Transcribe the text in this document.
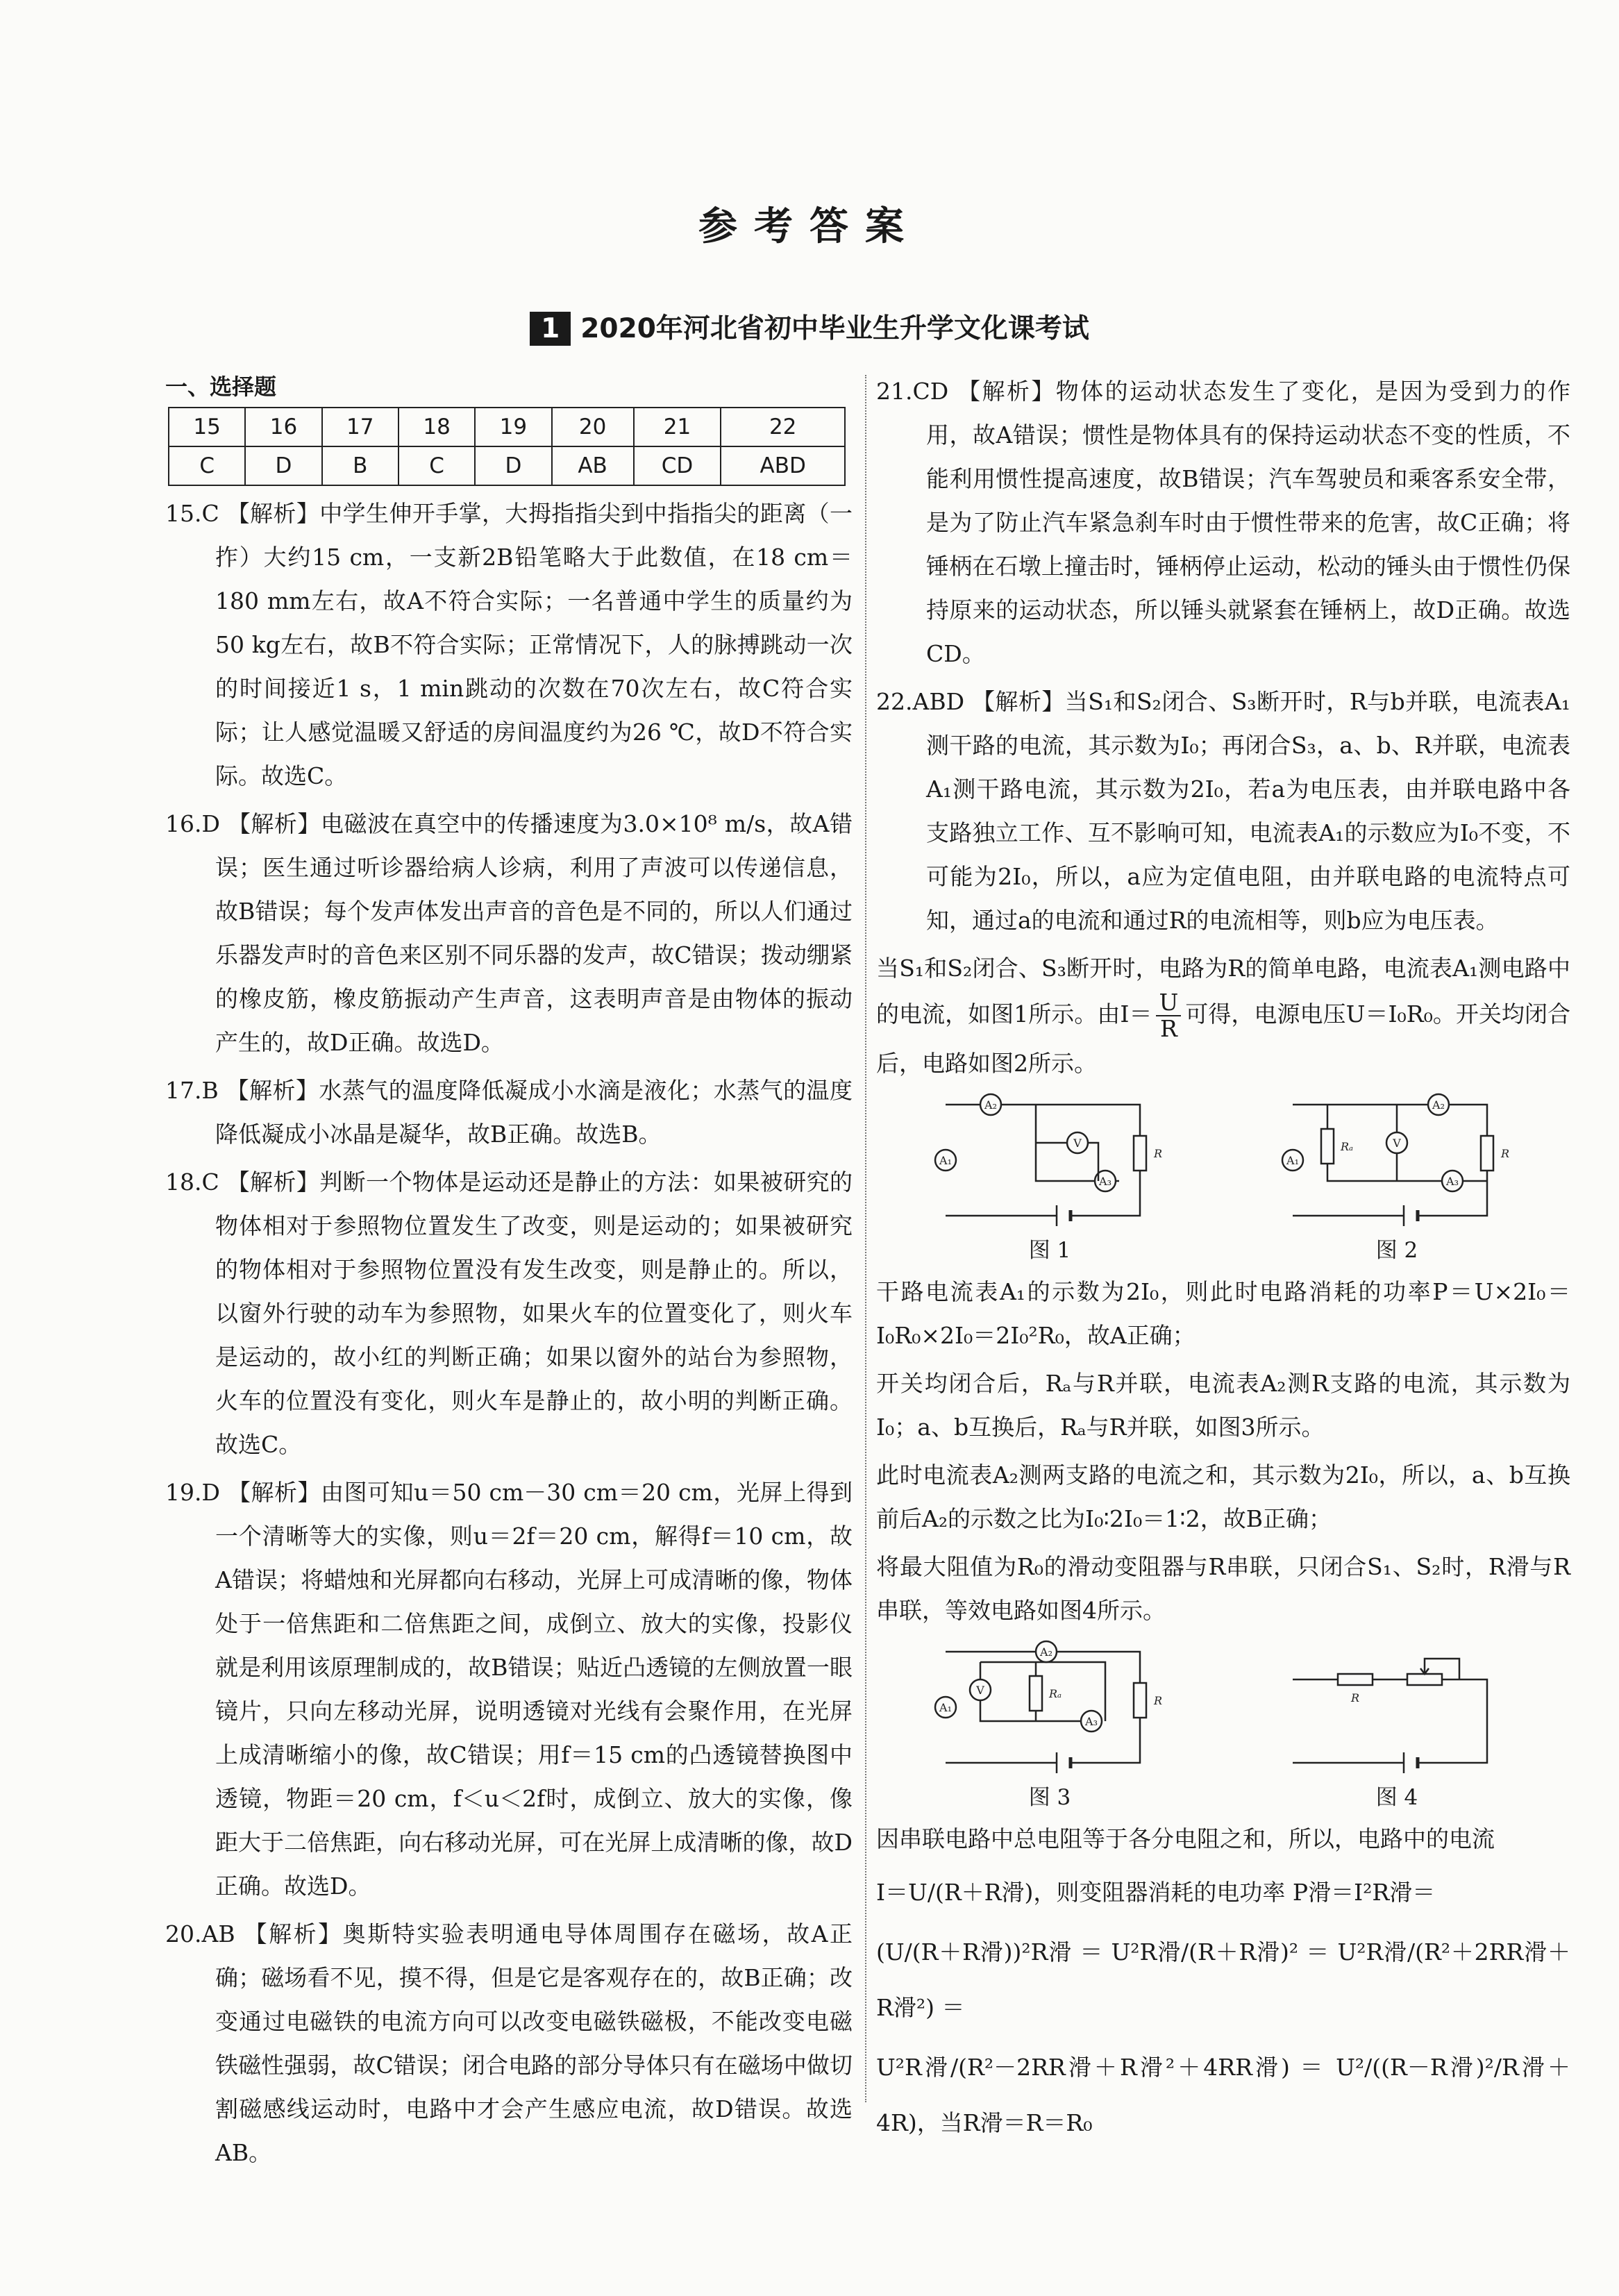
参考答案
1 2020年河北省初中毕业生升学文化课考试
一、选择题
15	16	17	18	19	20	21	22
C	D	B	C	D	AB	CD	ABD

15.C 【解析】中学生伸开手掌，大拇指指尖到中指指尖的距离（一拃）大约15 cm，一支新2B铅笔略大于此数值，在18 cm＝180 mm左右，故A不符合实际；一名普通中学生的质量约为50 kg左右，故B不符合实际；正常情况下，人的脉搏跳动一次的时间接近1 s，1 min跳动的次数在70次左右，故C符合实际；让人感觉温暖又舒适的房间温度约为26 ℃，故D不符合实际。故选C。

16.D 【解析】电磁波在真空中的传播速度为3.0×10⁸ m/s，故A错误；医生通过听诊器给病人诊病，利用了声波可以传递信息，故B错误；每个发声体发出声音的音色是不同的，所以人们通过乐器发声时的音色来区别不同乐器的发声，故C错误；拨动绷紧的橡皮筋，橡皮筋振动产生声音，这表明声音是由物体的振动产生的，故D正确。故选D。

17.B 【解析】水蒸气的温度降低凝成小水滴是液化；水蒸气的温度降低凝成小冰晶是凝华，故B正确。故选B。

18.C 【解析】判断一个物体是运动还是静止的方法：如果被研究的物体相对于参照物位置发生了改变，则是运动的；如果被研究的物体相对于参照物位置没有发生改变，则是静止的。所以，以窗外行驶的动车为参照物，如果火车的位置变化了，则火车是运动的，故小红的判断正确；如果以窗外的站台为参照物，火车的位置没有变化，则火车是静止的，故小明的判断正确。故选C。

19.D 【解析】由图可知u＝50 cm－30 cm＝20 cm，光屏上得到一个清晰等大的实像，则u＝2f＝20 cm，解得f＝10 cm，故A错误；将蜡烛和光屏都向右移动，光屏上可成清晰的像，物体处于一倍焦距和二倍焦距之间，成倒立、放大的实像，投影仪就是利用该原理制成的，故B错误；贴近凸透镜的左侧放置一眼镜片，只向左移动光屏，说明透镜对光线有会聚作用，在光屏上成清晰缩小的像，故C错误；用f＝15 cm的凸透镜替换图中透镜，物距＝20 cm，f＜u＜2f时，成倒立、放大的实像，像距大于二倍焦距，向右移动光屏，可在光屏上成清晰的像，故D正确。故选D。

20.AB 【解析】奥斯特实验表明通电导体周围存在磁场，故A正确；磁场看不见，摸不得，但是它是客观存在的，故B正确；改变通过电磁铁的电流方向可以改变电磁铁磁极，不能改变电磁铁磁性强弱，故C错误；闭合电路的部分导体只有在磁场中做切割磁感线运动时，电路中才会产生感应电流，故D错误。故选AB。

21.CD 【解析】物体的运动状态发生了变化，是因为受到力的作用，故A错误；惯性是物体具有的保持运动状态不变的性质，不能利用惯性提高速度，故B错误；汽车驾驶员和乘客系安全带，是为了防止汽车紧急刹车时由于惯性带来的危害，故C正确；将锤柄在石墩上撞击时，锤柄停止运动，松动的锤头由于惯性仍保持原来的运动状态，所以锤头就紧套在锤柄上，故D正确。故选CD。

22.ABD 【解析】当S₁和S₂闭合、S₃断开时，R与b并联，电流表A₁测干路的电流，其示数为I₀；再闭合S₃，a、b、R并联，电流表A₁测干路电流，其示数为2I₀，若a为电压表，由并联电路中各支路独立工作、互不影响可知，电流表A₁的示数应为I₀不变，不可能为2I₀，所以，a应为定值电阻，由并联电路的电流特点可知，通过a的电流和通过R的电流相等，则b应为电压表。

当S₁和S₂闭合、S₃断开时，电路为R的简单电路，电流表A₁测电路中的电流，如图1所示。由$I= \frac{U}{R}$ 可得，电源电压U＝I₀R₀。开关均闭合后，电路如图2所示。

A₂
A₁
V
A₃
R
图 1
A₂
A₁
V
A₃
Rₐ
R
图 2

干路电流表A₁的示数为2I₀，则此时电路消耗的功率P＝U×2I₀＝I₀R₀×2I₀＝2I₀²R₀，故A正确；

开关均闭合后，Rₐ与R并联，电流表A₂测R支路的电流，其示数为I₀；a、b互换后，Rₐ与R并联，如图3所示。

此时电流表A₂测两支路的电流之和，其示数为2I₀，所以，a、b互换前后A₂的示数之比为I₀∶2I₀＝1∶2，故B正确；

将最大阻值为R₀的滑动变阻器与R串联，只闭合S₁、S₂时，R滑与R串联，等效电路如图4所示。

A₂
A₁
V
A₃
Rₐ
R
图 3
R
图 4

因串联电路中总电阻等于各分电阻之和，所以，电路中的电流

I＝U/(R＋R滑)，则变阻器消耗的电功率 P滑＝I²R滑＝

(U/(R＋R滑))²R滑 ＝ U²R滑/(R＋R滑)² ＝ U²R滑/(R²＋2RR滑＋R滑²) ＝

U²R滑/(R²－2RR滑＋R滑²＋4RR滑) ＝ U²/((R－R滑)²/R滑＋4R)，当R滑＝R＝R₀
